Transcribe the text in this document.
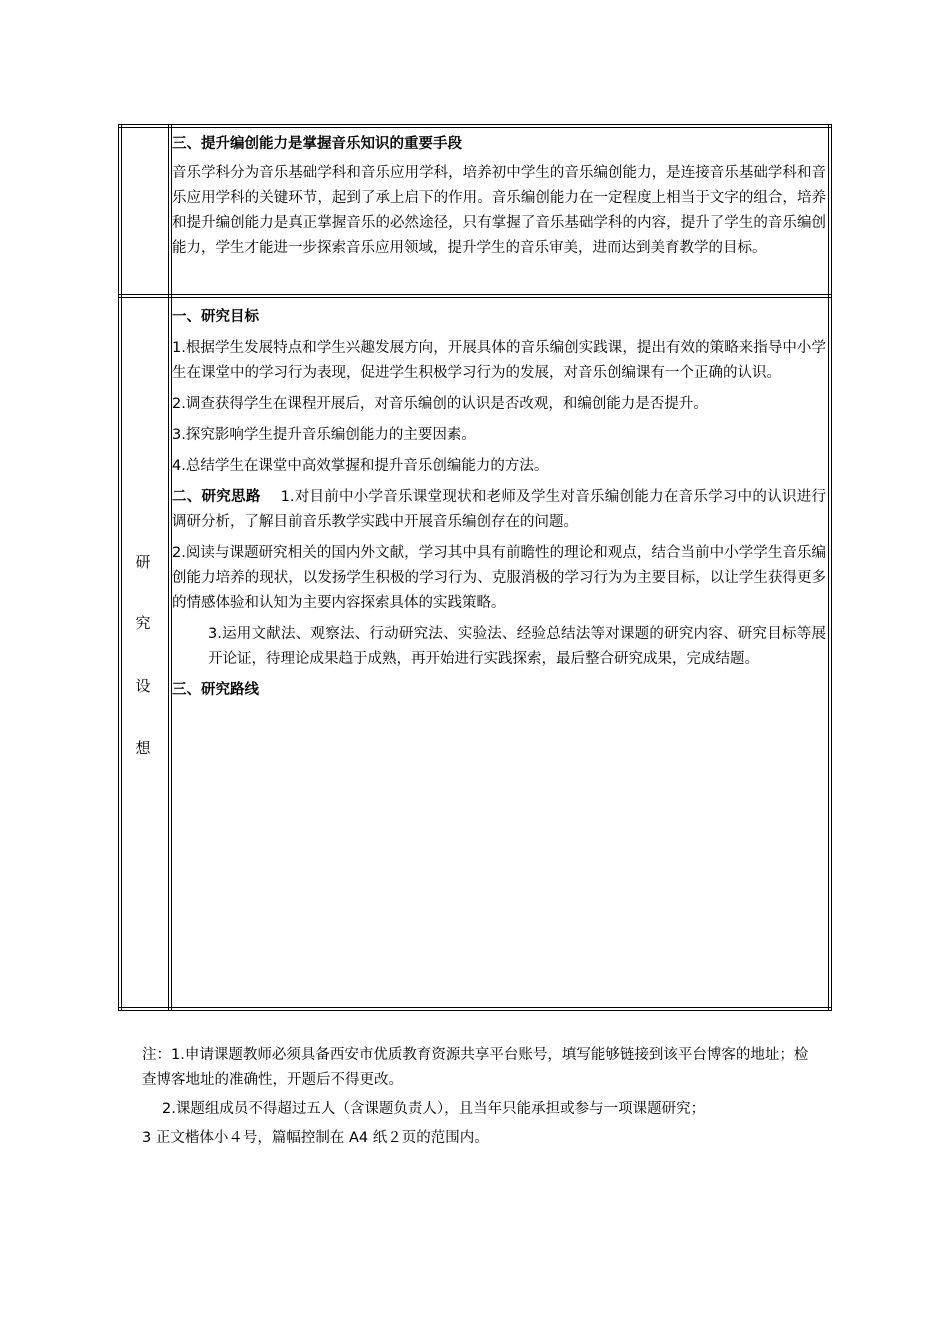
三、提升编创能力是掌握音乐知识的重要手段

音乐学科分为音乐基础学科和音乐应用学科，培养初中学生的音乐编创能力，是连接音乐基础学科和音乐应用学科的关键环节，起到了承上启下的作用。音乐编创能力在一定程度上相当于文字的组合，培养和提升编创能力是真正掌握音乐的必然途径，只有掌握了音乐基础学科的内容，提升了学生的音乐编创能力，学生才能进一步探索音乐应用领域，提升学生的音乐审美，进而达到美育教学的目标。

研
究
设
想

一、研究目标

1.根据学生发展特点和学生兴趣发展方向，开展具体的音乐编创实践课，提出有效的策略来指导中小学生在课堂中的学习行为表现，促进学生积极学习行为的发展，对音乐创编课有一个正确的认识。

2.调查获得学生在课程开展后，对音乐编创的认识是否改观，和编创能力是否提升。

3.探究影响学生提升音乐编创能力的主要因素。

4.总结学生在课堂中高效掌握和提升音乐创编能力的方法。

二、研究思路 1.对目前中小学音乐课堂现状和老师及学生对音乐编创能力在音乐学习中的认识进行调研分析，了解目前音乐教学实践中开展音乐编创存在的问题。

2.阅读与课题研究相关的国内外文献，学习其中具有前瞻性的理论和观点，结合当前中小学学生音乐编创能力培养的现状，以发扬学生积极的学习行为、克服消极的学习行为为主要目标，以让学生获得更多的情感体验和认知为主要内容探索具体的实践策略。

3.运用文献法、观察法、行动研究法、实验法、经验总结法等对课题的研究内容、研究目标等展开论证，待理论成果趋于成熟，再开始进行实践探索，最后整合研究成果，完成结题。

三、研究路线

注：1.申请课题教师必须具备西安市优质教育资源共享平台账号，填写能够链接到该平台博客的地址；检查博客地址的准确性，开题后不得更改。

2.课题组成员不得超过五人（含课题负责人），且当年只能承担或参与一项课题研究；

3 正文楷体小４号，篇幅控制在 A4 纸２页的范围内。
